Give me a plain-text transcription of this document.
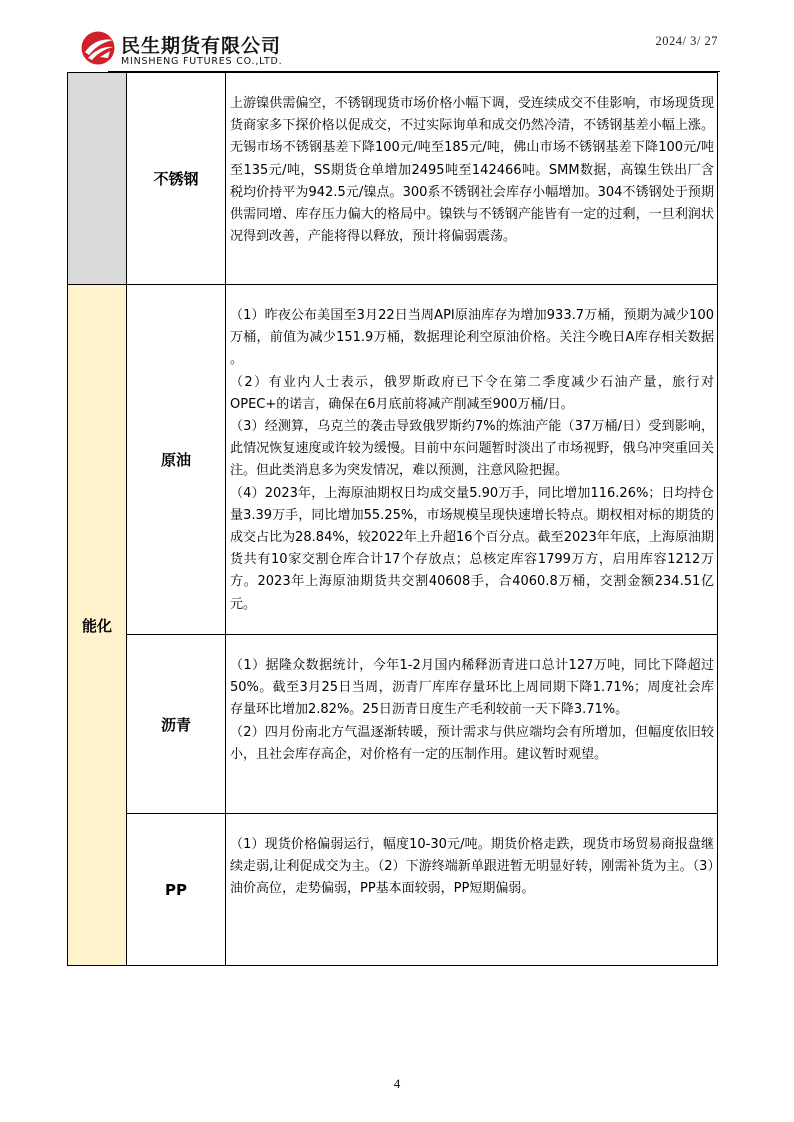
民生期货有限公司
MINSHENG FUTURES CO.,LTD.
2024/ 3/ 27
能化
不锈钢
原油
沥青
PP

上游镍供需偏空，不锈钢现货市场价格小幅下调，受连续成交不佳影响，市场现货现货商家多下探价格以促成交，不过实际询单和成交仍然冷清，不锈钢基差小幅上涨。无锡市场不锈钢基差下降100元/吨至185元/吨，佛山市场不锈钢基差下降100元/吨至135元/吨，SS期货仓单增加2495吨至142466吨。SMM数据，高镍生铁出厂含税均价持平为942.5元/镍点。300系不锈钢社会库存小幅增加。304不锈钢处于预期供需同增、库存压力偏大的格局中。镍铁与不锈钢产能皆有一定的过剩，一旦利润状况得到改善，产能将得以释放，预计将偏弱震荡。

（1）昨夜公布美国至3月22日当周API原油库存为增加933.7万桶，预期为减少100万桶，前值为减少151.9万桶，数据理论利空原油价格。关注今晚日A库存相关数据 。

（2）有业内人士表示，俄罗斯政府已下令在第二季度减少石油产量，旅行对OPEC+的诺言，确保在6月底前将减产削减至900万桶/日。

（3）经测算，乌克兰的袭击导致俄罗斯约7%的炼油产能（37万桶/日）受到影响，此情况恢复速度或许较为缓慢。目前中东问题暂时淡出了市场视野，俄乌冲突重回关注。但此类消息多为突发情况，难以预测，注意风险把握。

（4）2023年，上海原油期权日均成交量5.90万手，同比增加116.26%；日均持仓量3.39万手，同比增加55.25%，市场规模呈现快速增长特点。期权相对标的期货的成交占比为28.84%，较2022年上升超16个百分点。截至2023年年底，上海原油期货共有10家交割仓库合计17个存放点；总核定库容1799万方，启用库容1212万方。2023年上海原油期货共交割40608手，合4060.8万桶，交割金额234.51亿元。

（1）据隆众数据统计，今年1-2月国内稀释沥青进口总计127万吨，同比下降超过50%。截至3月25日当周，沥青厂库库存量环比上周同期下降1.71%；周度社会库存量环比增加2.82%。25日沥青日度生产毛利较前一天下降3.71%。

（2）四月份南北方气温逐渐转暖，预计需求与供应端均会有所增加，但幅度依旧较小，且社会库存高企，对价格有一定的压制作用。建议暂时观望。

（1）现货价格偏弱运行，幅度10-30元/吨。期货价格走跌，现货市场贸易商报盘继续走弱,让利促成交为主。（2）下游终端新单跟进暂无明显好转，刚需补货为主。（3）油价高位，走势偏弱，PP基本面较弱，PP短期偏弱。

4
